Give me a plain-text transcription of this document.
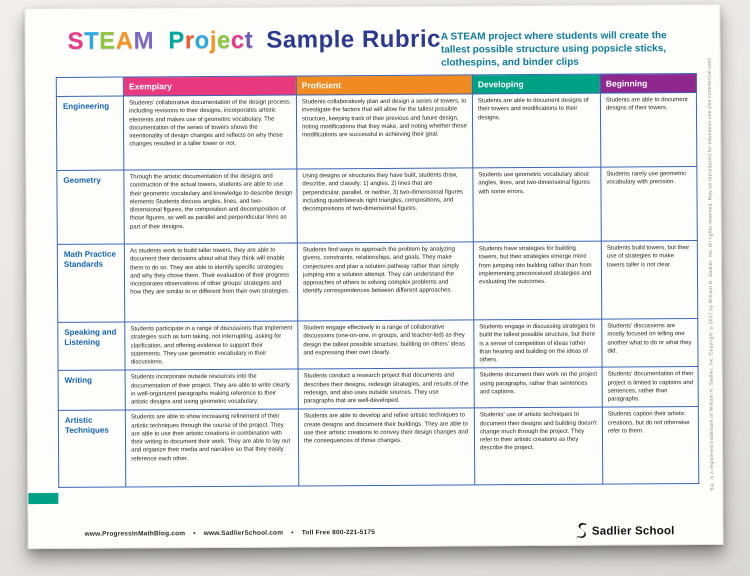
STEAM Project Sample Rubric A STEAM project where students will create the tallest possible structure using popsicle sticks, clothespins, and binder clips
	Exemplary	Proficient	Developing	Beginning
Engineering	Students' collaborative documentation of the design process, including revisions to their designs, incorporates artistic elements and makes use of geometric vocabulary. The documentation of the series of towers shows the intentionality of design changes and reflects on why those changes resulted in a taller tower or not.	Students collaboratively plan and design a series of towers, to investigate the factors that will allow for the tallest possible structure, keeping track of their previous and future design, noting modifications that they make, and noting whether those modifications are successful in achieving their goal.	Students are able to document designs of their towers and modifications to their designs.	Students are able to document designs of their towers.
Geometry	Through the artistic documentation of the designs and construction of the actual towers, students are able to use their geometric vocabulary and knowledge to describe design elements Students discuss angles, lines, and two-dimensional figures, the composition and decomposition of those figures, as well as parallel and perpendicular lines as part of their designs.	Using designs or structures they have built, students draw, describe, and classify: 1) angles, 2) lines that are perpendicular, parallel, or neither, 3) two-dimensional figures including quadrilaterals right triangles, compositions, and decompositions of two-dimensional figures.	Students use geometric vocabulary about angles, lines, and two-dimensional figures with some errors.	Students rarely use geometric vocabulary with precision.
Math Practice Standards	As students work to build taller towers, they are able to document their decisions about what they think will enable them to do so. They are able to identify specific strategies and why they chose them. Their evaluation of their progress incorporates observations of other groups' strategies and how they are similar to or different from their own strategies.	Students find ways to approach the problem by analyzing givens, constraints, relationships, and goals. They make conjectures and plan a solution pathway rather than simply jumping into a solution attempt. They can understand the approaches of others to solving complex problems and identify correspondences between different approaches.	Students have strategies for building towers, but their strategies emerge more from jumping into building rather than from implementing preconceived strategies and evaluating the outcomes.	Students build towers, but their use of strategies to make towers taller is not clear.
Speaking and Listening	Students participate in a range of discussions that implement strategies such as turn taking, not interrupting, asking for clarification, and offering evidence to support their statements. They use geometric vocabulary in their discussions.	Student engage effectively in a range of collaborative discussions (one-on-one, in groups, and teacher-led) as they design the tallest possible structure, building on others' ideas and expressing their own clearly.	Students engage in discussing strategies to build the tallest possible structure, but there is a sense of competition of ideas rather than hearing and building on the ideas of others.	Students' discussions are mostly focused on telling one another what to do or what they did.
Writing	Students incorporate outside resources into the documentation of their project. They are able to write clearly in well-organized paragraphs making reference to their artistic designs and using geometric vocabulary.	Students conduct a research project that documents and describes their designs, redesign strategies, and results of the redesign, and also uses outside sources. They use paragraphs that are well-developed.	Students document their work on the project using paragraphs, rather than sentences and captions.	Students' documentation of their project is limited to captions and sentences, rather than paragraphs.
Artistic Techniques	Students are able to show increasing refinement of their artistic techniques through the course of the project. They are able to use their artistic creations in combination with their writing to document their work. They are able to lay out and organize their media and narrative so that they easily reference each other.	Students are able to develop and refine artistic techniques to create designs and document their buildings. They are able to use their artistic creations to convey their design changes and the consequences of those changes.	Students' use of artistic techniques to document their designs and building doesn't change much through the project. They refer to their artistic creations as they describe the project.	Students caption their artistic creations, but do not otherwise refer to them.
www.ProgressInMathBlog.com • www.SadlierSchool.com • Toll Free 800-221-5175	Sadlier School
S® is a registered trademark of William H. Sadlier, Inc. Copyright ©2017 by William H. Sadlier, Inc. All rights reserved. May be reproduced for education use (not commercial use).
